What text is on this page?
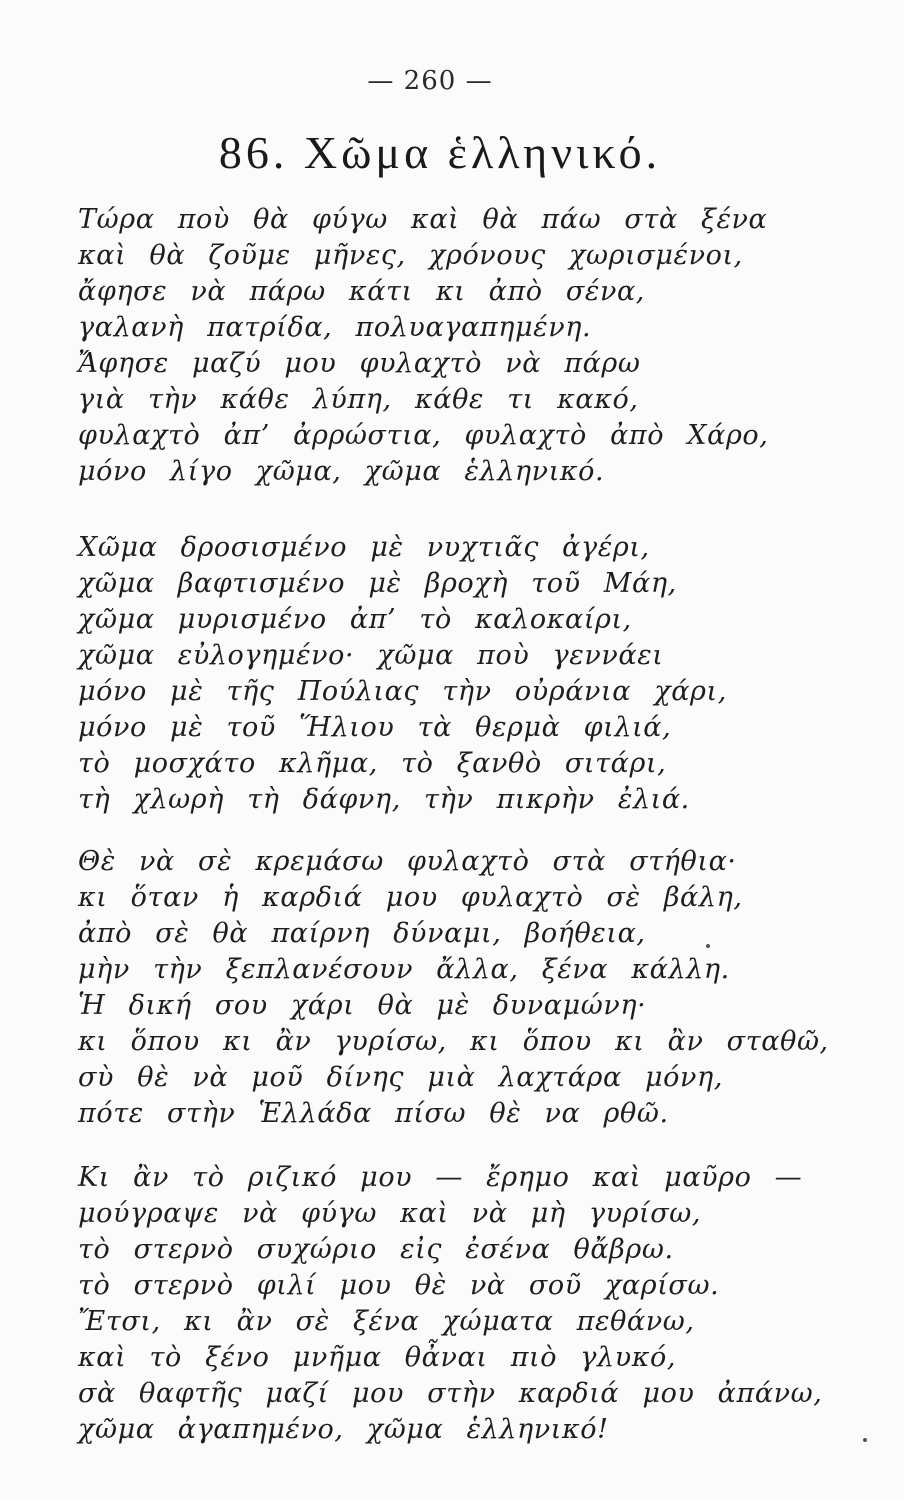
— 260 —
86. Χῶμα ἑλληνικό.
Τώρα ποὺ θὰ φύγω καὶ θὰ πάω στὰ ξένα
καὶ θὰ ζοῦμε μῆνες, χρόνους χωρισμένοι,
ἄφησε νὰ πάρω κάτι κι ἀπὸ σένα,
γαλανὴ πατρίδα, πολυαγαπημένη.
Ἄφησε μαζύ μου φυλαχτὸ νὰ πάρω
γιὰ τὴν κάθε λύπη, κάθε τι κακό,
φυλαχτὸ ἀπ’ ἀρρώστια, φυλαχτὸ ἀπὸ Χάρο,
μόνο λίγο χῶμα, χῶμα ἑλληνικό.
Χῶμα δροσισμένο μὲ νυχτιᾶς ἀγέρι,
χῶμα βαφτισμένο μὲ βροχὴ τοῦ Μάη,
χῶμα μυρισμένο ἀπ’ τὸ καλοκαίρι,
χῶμα εὐλογημένο· χῶμα ποὺ γεννάει
μόνο μὲ τῆς Πούλιας τὴν οὐράνια χάρι,
μόνο μὲ τοῦ Ἥλιου τὰ θερμὰ φιλιά,
τὸ μοσχάτο κλῆμα, τὸ ξανθὸ σιτάρι,
τὴ χλωρὴ τὴ δάφνη, τὴν πικρὴν ἐλιά.
Θὲ νὰ σὲ κρεμάσω φυλαχτὸ στὰ στήθια·
κι ὅταν ἡ καρδιά μου φυλαχτὸ σὲ βάλη,
ἀπὸ σὲ θὰ παίρνη δύναμι, βοήθεια,
μὴν τὴν ξεπλανέσουν ἄλλα, ξένα κάλλη.
Ἡ δική σου χάρι θὰ μὲ δυναμώνη·
κι ὅπου κι ἂν γυρίσω, κι ὅπου κι ἂν σταθῶ,
σὺ θὲ νὰ μοῦ δίνης μιὰ λαχτάρα μόνη,
πότε στὴν Ἑλλάδα πίσω θὲ να ρθῶ.
Κι ἂν τὸ ριζικό μου — ἔρημο καὶ μαῦρο —
μούγραψε νὰ φύγω καὶ νὰ μὴ γυρίσω,
τὸ στερνὸ συχώριο εἰς ἐσένα θἄβρω.
τὸ στερνὸ φιλί μου θὲ νὰ σοῦ χαρίσω.
Ἔτσι, κι ἂν σὲ ξένα χώματα πεθάνω,
καὶ τὸ ξένο μνῆμα θἆναι πιὸ γλυκό,
σὰ θαφτῆς μαζί μου στὴν καρδιά μου ἀπάνω,
χῶμα ἀγαπημένο, χῶμα ἑλληνικό!
